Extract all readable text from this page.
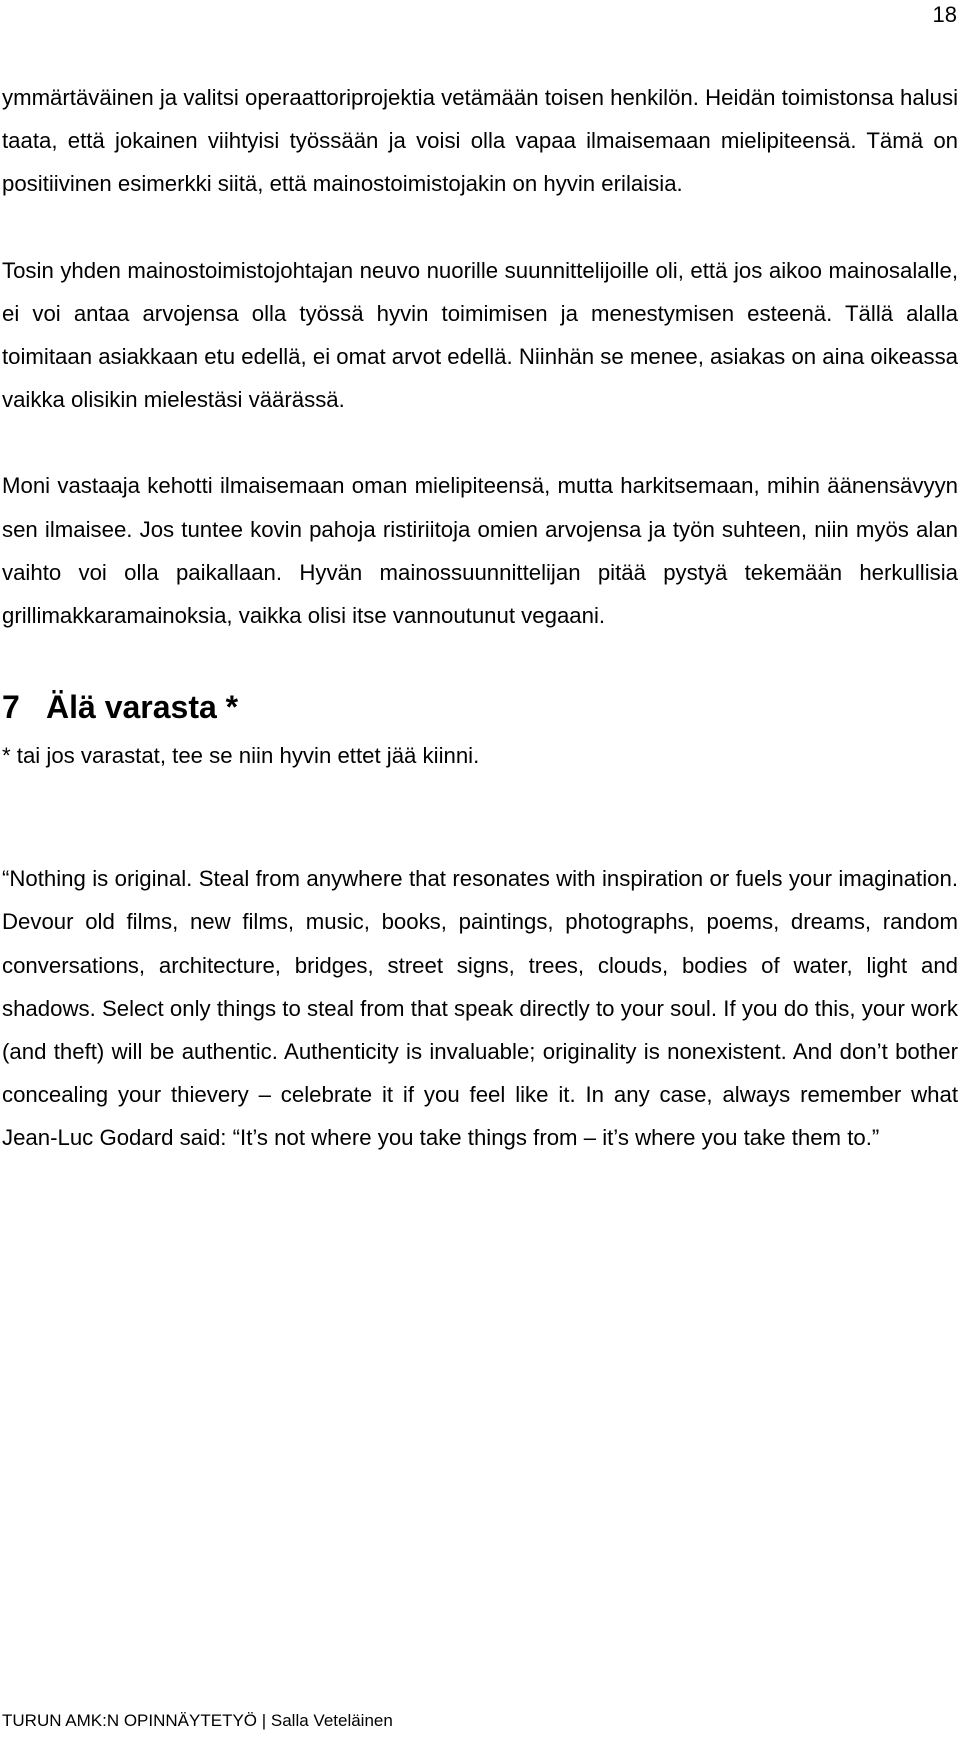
18

ymmärtäväinen ja valitsi operaattoriprojektia vetämään toisen henkilön. Heidän toimistonsa halusi taata, että jokainen viihtyisi työssään ja voisi olla vapaa ilmaisemaan mielipiteensä. Tämä on positiivinen esimerkki siitä, että mainostoimistojakin on hyvin erilaisia.

Tosin yhden mainostoimistojohtajan neuvo nuorille suunnittelijoille oli, että jos aikoo mainosalalle, ei voi antaa arvojensa olla työssä hyvin toimimisen ja menestymisen esteenä. Tällä alalla toimitaan asiakkaan etu edellä, ei omat arvot edellä. Niinhän se menee, asiakas on aina oikeassa vaikka olisikin mielestäsi väärässä.

Moni vastaaja kehotti ilmaisemaan oman mielipiteensä, mutta harkitsemaan, mihin äänensävyyn sen ilmaisee. Jos tuntee kovin pahoja ristiriitoja omien arvojensa ja työn suhteen, niin myös alan vaihto voi olla paikallaan. Hyvän mainossuunnittelijan pitää pystyä tekemään herkullisia grillimakkaramainoksia, vaikka olisi itse vannoutunut vegaani.

7 Älä varasta *

* tai jos varastat, tee se niin hyvin ettet jää kiinni.

“Nothing is original. Steal from anywhere that resonates with inspiration or fuels your imagination. Devour old films, new films, music, books, paintings, photographs, poems, dreams, random conversations, architecture, bridges, street signs, trees, clouds, bodies of water, light and shadows. Select only things to steal from that speak directly to your soul. If you do this, your work (and theft) will be authentic. Authenticity is invaluable; originality is nonexistent. And don’t bother concealing your thievery – celebrate it if you feel like it. In any case, always remember what Jean-Luc Godard said: “It’s not where you take things from – it’s where you take them to.”

TURUN AMK:N OPINNÄYTETYÖ | Salla Veteläinen
